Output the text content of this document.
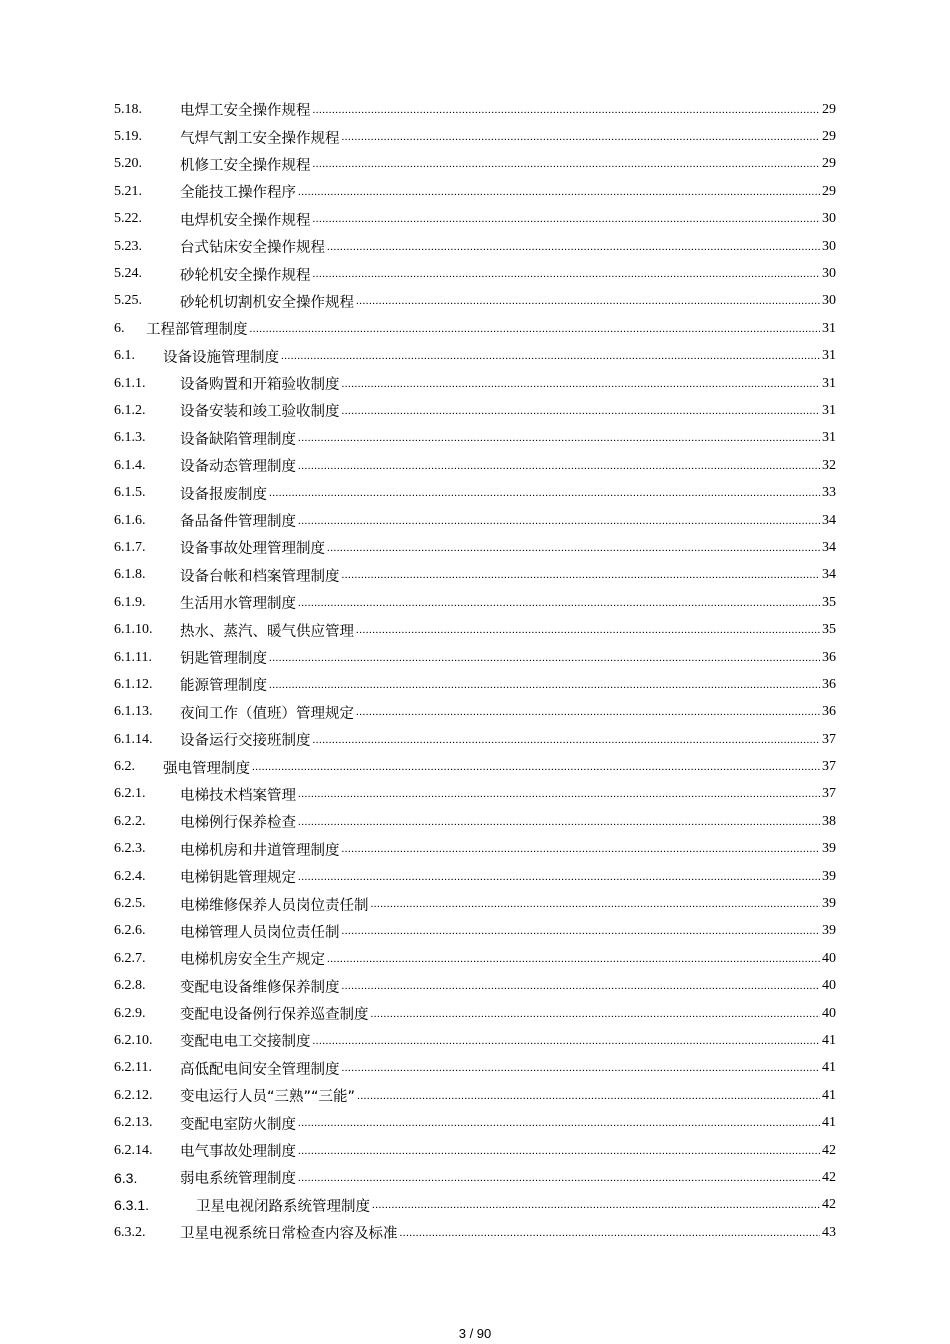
5.18.	电焊工安全操作规程 .....	29
5.19.	气焊气割工安全操作规程 .....	29
5.20.	机修工安全操作规程 .....	29
5.21.	全能技工操作程序 .....	29
5.22.	电焊机安全操作规程 .....	30
5.23.	台式钻床安全操作规程 .....	30
5.24.	砂轮机安全操作规程 .....	30
5.25.	砂轮机切割机安全操作规程 .....	30
6.	工程部管理制度 .....	31
6.1.	设备设施管理制度 .....	31
6.1.1.	设备购置和开箱验收制度 .....	31
6.1.2.	设备安装和竣工验收制度 .....	31
6.1.3.	设备缺陷管理制度 .....	31
6.1.4.	设备动态管理制度 .....	32
6.1.5.	设备报废制度 .....	33
6.1.6.	备品备件管理制度 .....	34
6.1.7.	设备事故处理管理制度 .....	34
6.1.8.	设备台帐和档案管理制度 .....	34
6.1.9.	生活用水管理制度 .....	35
6.1.10.	热水、蒸汽、暖气供应管理 .....	35
6.1.11.	钥匙管理制度 .....	36
6.1.12.	能源管理制度 .....	36
6.1.13.	夜间工作（值班）管理规定 .....	36
6.1.14.	设备运行交接班制度 .....	37
6.2.	强电管理制度 .....	37
6.2.1.	电梯技术档案管理 .....	37
6.2.2.	电梯例行保养检查 .....	38
6.2.3.	电梯机房和井道管理制度 .....	39
6.2.4.	电梯钥匙管理规定 .....	39
6.2.5.	电梯维修保养人员岗位责任制 .....	39
6.2.6.	电梯管理人员岗位责任制 .....	39
6.2.7.	电梯机房安全生产规定 .....	40
6.2.8.	变配电设备维修保养制度 .....	40
6.2.9.	变配电设备例行保养巡查制度 .....	40
6.2.10.	变配电电工交接制度 .....	41
6.2.11.	高低配电间安全管理制度 .....	41
6.2.12.	变电运行人员“三熟”“三能” .....	41
6.2.13.	变配电室防火制度 .....	41
6.2.14.	电气事故处理制度 .....	42
6.3.	弱电系统管理制度 .....	42
6.3.1.	卫星电视闭路系统管理制度 .....	42
6.3.2.	卫星电视系统日常检查内容及标准 .....	43
3 / 90
